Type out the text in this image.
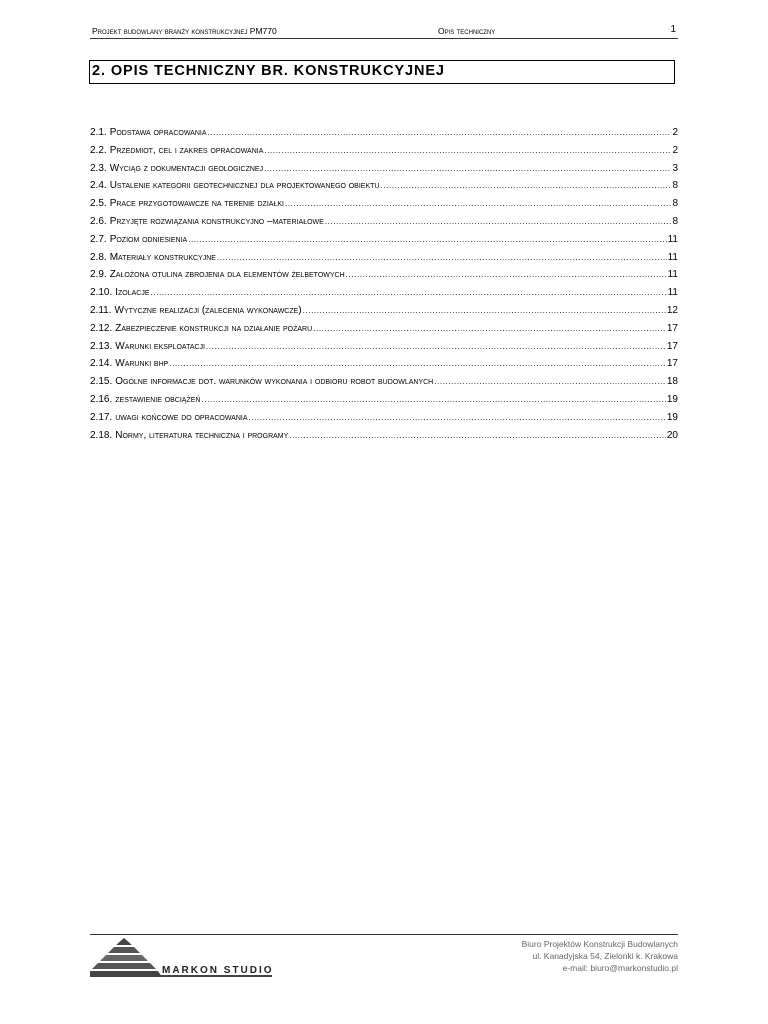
Projekt budowlany branży konstrukcyjnej PM770	Opis techniczny	1
2. OPIS TECHNICZNY BR. KONSTRUKCYJNEJ
2.1. Podstawa opracowania .....	2
2.2. Przedmiot, cel i zakres opracowania .....	2
2.3. Wyciąg z dokumentacji geologicznej .....	3
2.4. Ustalenie kategorii geotechnicznej dla projektowanego obiektu .....	8
2.5. Prace przygotowawcze na terenie działki .....	8
2.6. Przyjęte rozwiązania konstrukcyjno –materiałowe .....	8
2.7. Poziom odniesienia .....	11
2.8. Materiały konstrukcyjne .....	11
2.9. Założona otulina zbrojenia dla elementów żelbetowych .....	11
2.10. Izolacje .....	11
2.11. Wytyczne realizacji (zalecenia wykonawcze) .....	12
2.12. Zabezpieczenie konstrukcji na działanie pożaru .....	17
2.13. Warunki eksploatacji .....	17
2.14. Warunki bhp .....	17
2.15. Ogólne informacje dot. warunków wykonania i odbioru robot budowlanych .....	18
2.16. zestawienie obciążeń .....	19
2.17. uwagi końcowe do opracowania .....	19
2.18. Normy, literatura techniczna i programy .....	20
MARKON STUDIO
Biuro Projektów Konstrukcji Budowlanych
ul. Kanadyjska 54, Zielonki k. Krakowa
e-mail: biuro@markonstudio.pl
